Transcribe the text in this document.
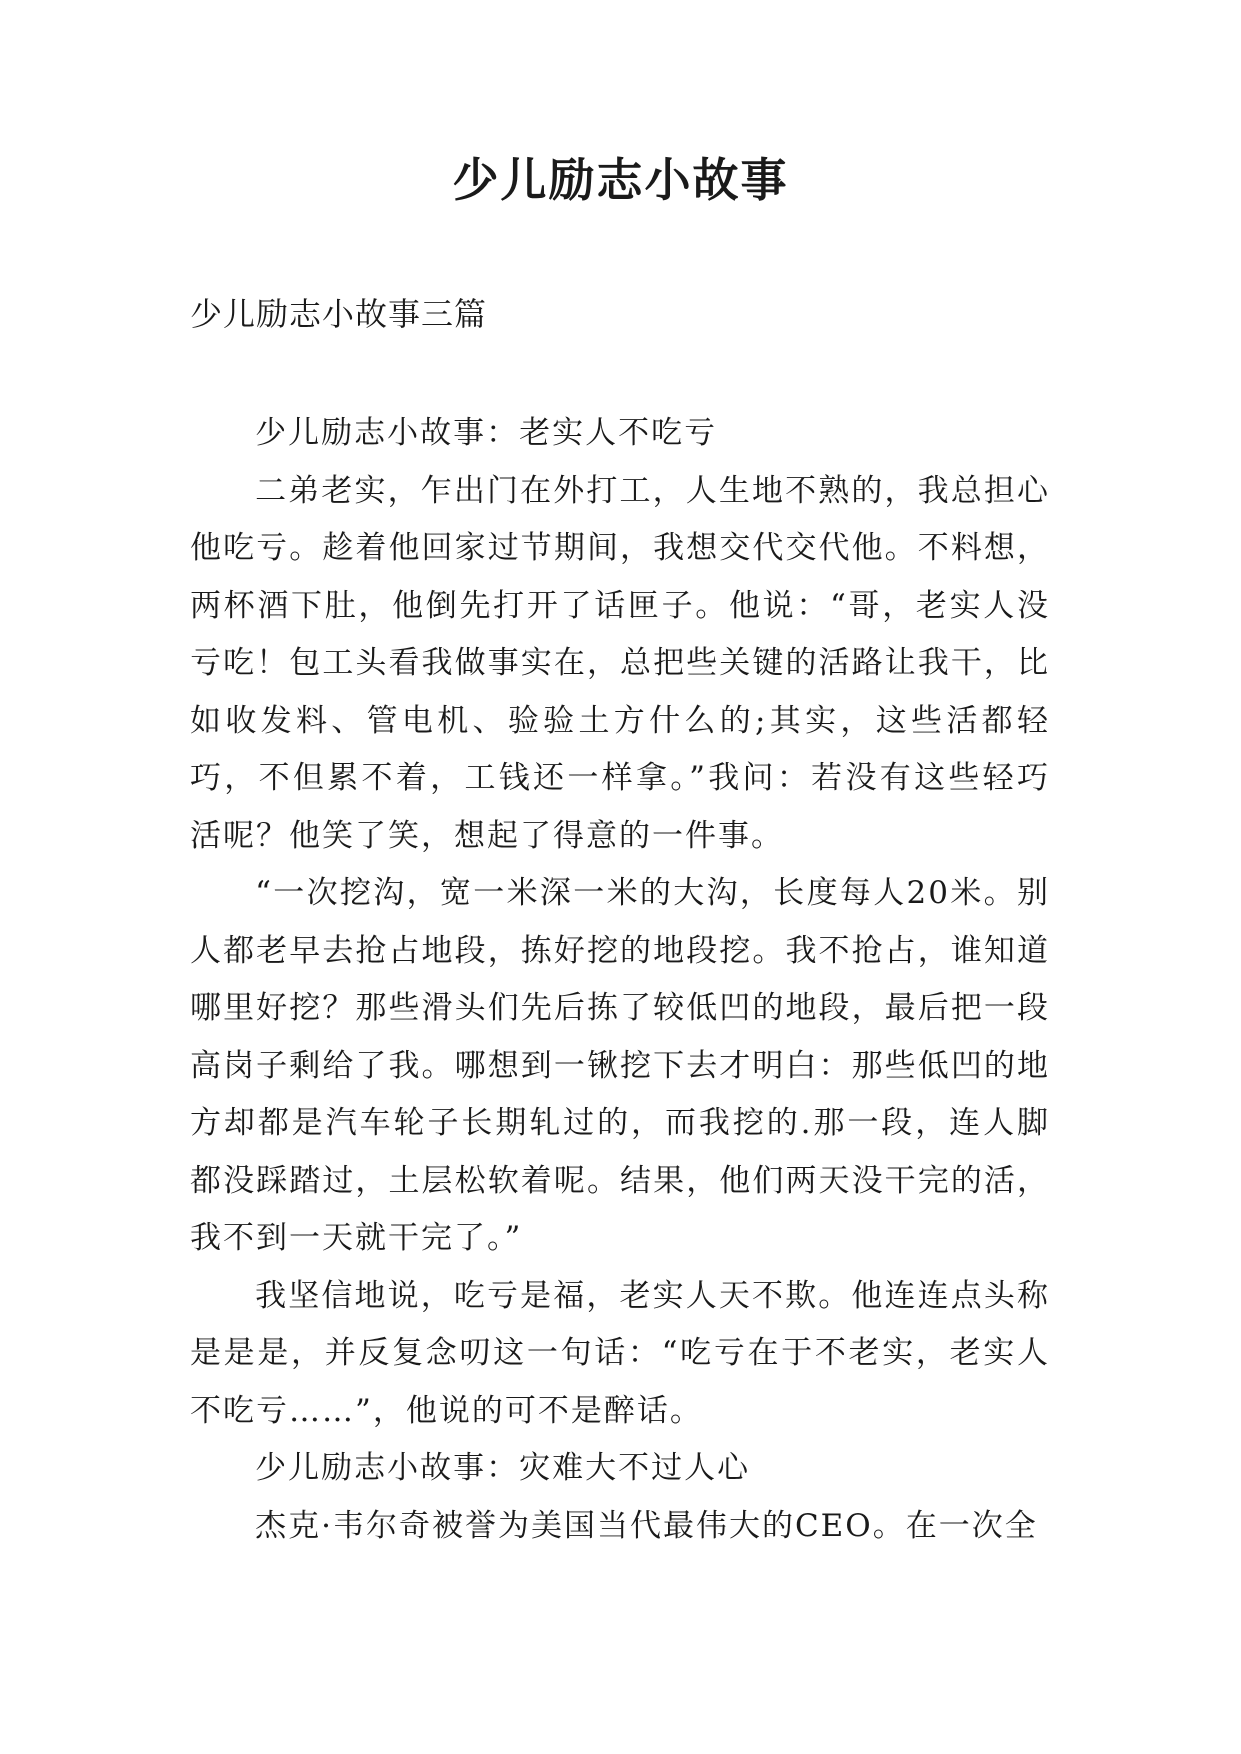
少儿励志小故事
少儿励志小故事三篇

少儿励志小故事：老实人不吃亏

二弟老实，乍出门在外打工，人生地不熟的，我总担心他吃亏。趁着他回家过节期间，我想交代交代他。不料想，两杯酒下肚，他倒先打开了话匣子。他说：“哥，老实人没亏吃！包工头看我做事实在，总把些关键的活路让我干，比如收发料、管电机、验验土方什么的;其实，这些活都轻巧，不但累不着，工钱还一样拿。”我问：若没有这些轻巧活呢？他笑了笑，想起了得意的一件事。

“一次挖沟，宽一米深一米的大沟，长度每人20米。别人都老早去抢占地段，拣好挖的地段挖。我不抢占，谁知道哪里好挖？那些滑头们先后拣了较低凹的地段，最后把一段高岗子剩给了我。哪想到一锹挖下去才明白：那些低凹的地方却都是汽车轮子长期轧过的，而我挖的.那一段，连人脚都没踩踏过，土层松软着呢。结果，他们两天没干完的活，我不到一天就干完了。”

我坚信地说，吃亏是福，老实人天不欺。他连连点头称是是是，并反复念叨这一句话：“吃亏在于不老实，老实人不吃亏……”，他说的可不是醉话。

少儿励志小故事：灾难大不过人心

杰克·韦尔奇被誉为美国当代最伟大的CEO。在一次全
